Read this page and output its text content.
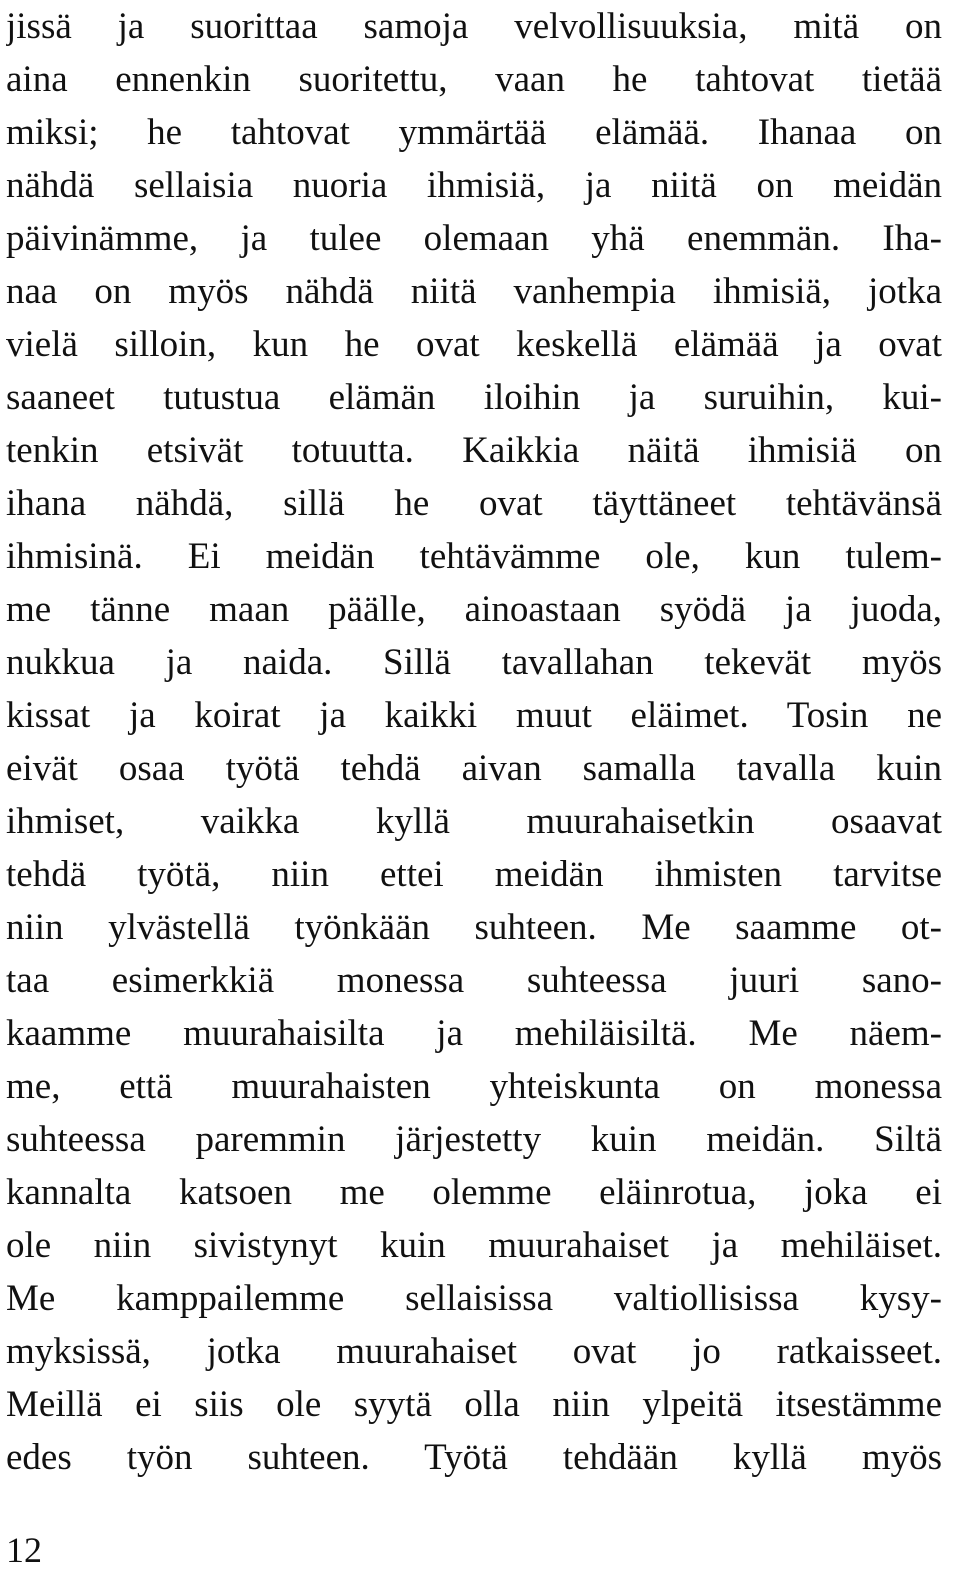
jissä ja suorittaa samoja velvollisuuksia, mitä on

aina ennenkin suoritettu, vaan he tahtovat tietää

miksi; he tahtovat ymmärtää elämää. Ihanaa on

nähdä sellaisia nuoria ihmisiä, ja niitä on meidän

päivinämme, ja tulee olemaan yhä enemmän. Iha-

naa on myös nähdä niitä vanhempia ihmisiä, jotka

vielä silloin, kun he ovat keskellä elämää ja ovat

saaneet tutustua elämän iloihin ja suruihin, kui-

tenkin etsivät totuutta. Kaikkia näitä ihmisiä on

ihana nähdä, sillä he ovat täyttäneet tehtävänsä

ihmisinä. Ei meidän tehtävämme ole, kun tulem-

me tänne maan päälle, ainoastaan syödä ja juoda,

nukkua ja naida. Sillä tavallahan tekevät myös

kissat ja koirat ja kaikki muut eläimet. Tosin ne

eivät osaa työtä tehdä aivan samalla tavalla kuin

ihmiset, vaikka kyllä muurahaisetkin osaavat

tehdä työtä, niin ettei meidän ihmisten tarvitse

niin ylvästellä työnkään suhteen. Me saamme ot-

taa esimerkkiä monessa suhteessa juuri sano-

kaamme muurahaisilta ja mehiläisiltä. Me näem-

me, että muurahaisten yhteiskunta on monessa

suhteessa paremmin järjestetty kuin meidän. Siltä

kannalta katsoen me olemme eläinrotua, joka ei

ole niin sivistynyt kuin muurahaiset ja mehiläiset.

Me kamppailemme sellaisissa valtiollisissa kysy-

myksissä, jotka muurahaiset ovat jo ratkaisseet.

Meillä ei siis ole syytä olla niin ylpeitä itsestämme

edes työn suhteen. Työtä tehdään kyllä myös

12
